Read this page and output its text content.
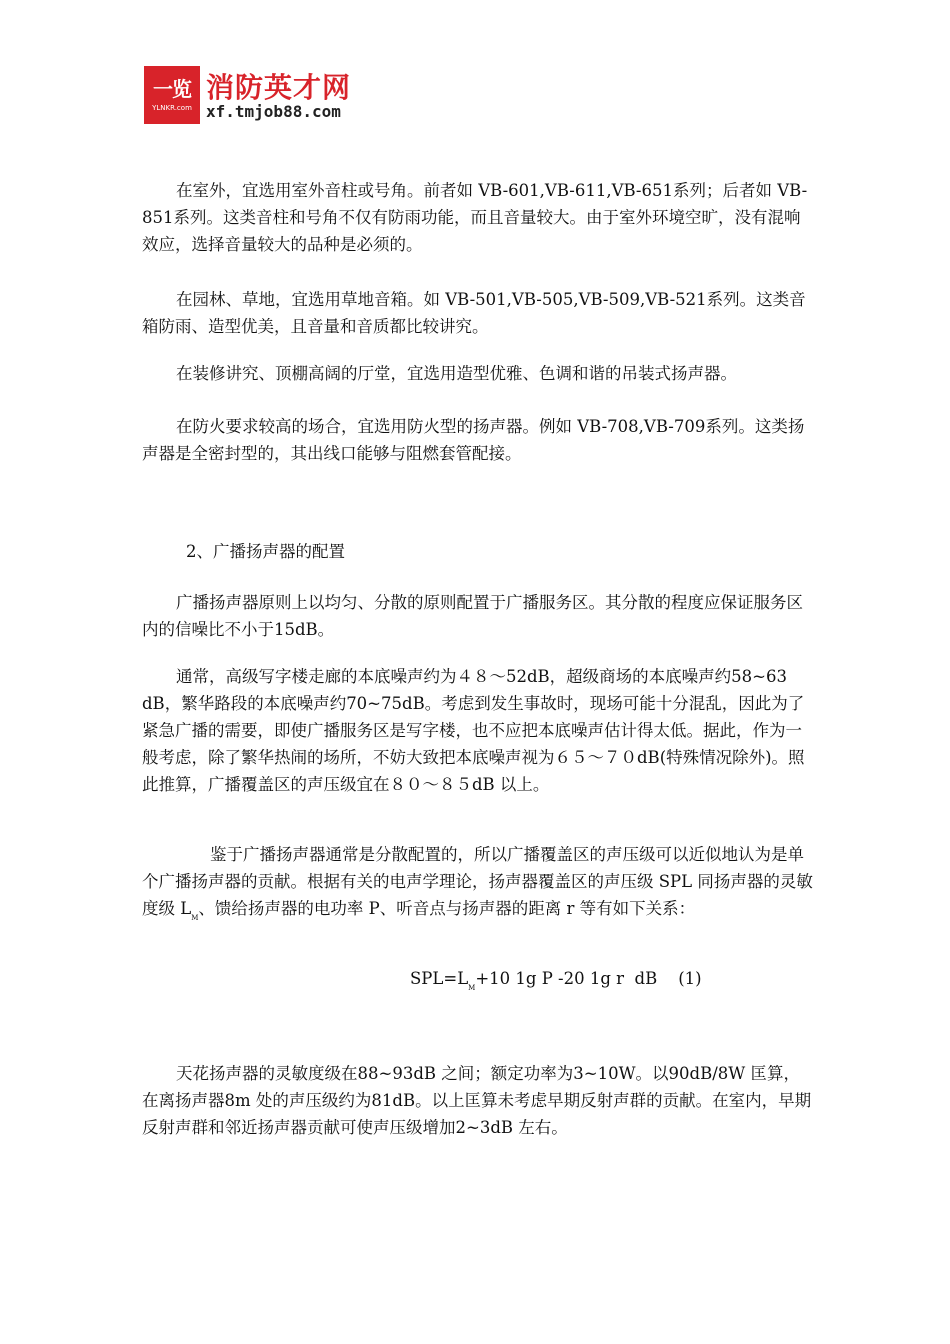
一览
YLNKR.com
消防英才网
xf.tmjob88.com

在室外，宜选用室外音柱或号角。前者如 VB-601,VB-611,VB-651系列；后者如 VB-851系列。这类音柱和号角不仅有防雨功能，而且音量较大。由于室外环境空旷，没有混响效应，选择音量较大的品种是必须的。

在园林、草地，宜选用草地音箱。如 VB-501,VB-505,VB-509,VB-521系列。这类音箱防雨、造型优美，且音量和音质都比较讲究。

在装修讲究、顶棚高阔的厅堂，宜选用造型优雅、色调和谐的吊装式扬声器。

在防火要求较高的场合，宜选用防火型的扬声器。例如 VB-708,VB-709系列。这类扬声器是全密封型的，其出线口能够与阻燃套管配接。

2、广播扬声器的配置

广播扬声器原则上以均匀、分散的原则配置于广播服务区。其分散的程度应保证服务区内的信噪比不小于15dB。

通常，高级写字楼走廊的本底噪声约为４８～52dB，超级商场的本底噪声约58~63 dB，繁华路段的本底噪声约70~75dB。考虑到发生事故时，现场可能十分混乱，因此为了紧急广播的需要，即使广播服务区是写字楼，也不应把本底噪声估计得太低。据此，作为一般考虑，除了繁华热闹的场所，不妨大致把本底噪声视为６５～７０dB(特殊情况除外)。照此推算，广播覆盖区的声压级宜在８０～８５dB 以上。

鉴于广播扬声器通常是分散配置的，所以广播覆盖区的声压级可以近似地认为是单个广播扬声器的贡献。根据有关的电声学理论，扬声器覆盖区的声压级 SPL 同扬声器的灵敏度级 $L_M$、馈给扬声器的电功率 P、听音点与扬声器的距离 r 等有如下关系：

$SPL=L_M+10$ 1g P -20 1g r  dB    (1)

天花扬声器的灵敏度级在88~93dB 之间；额定功率为3~10W。以90dB/8W 匡算，在离扬声器8m 处的声压级约为81dB。以上匡算未考虑早期反射声群的贡献。在室内，早期反射声群和邻近扬声器贡献可使声压级增加2~3dB 左右。
